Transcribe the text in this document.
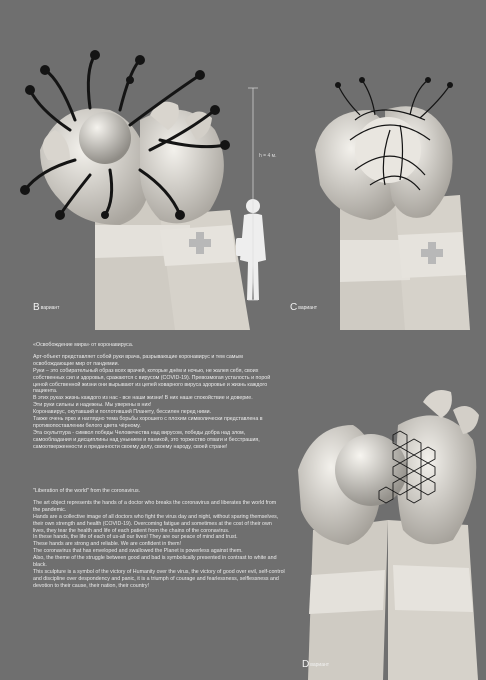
h = 4 м.
Bвариант	Cвариант
Dвариант

«Освобождение мира» от коронавируса.

Арт-объект представляет собой руки врача, разрывающие коронавирус и тем самым освобождающие мир от пандемии.

Руки – это собирательный образ всех врачей, которые днём и ночью, не жалея себя, своих собственных сил и здоровья, сражаются с вирусом (COVID-19). Превозмогая усталость и порой ценой собственной жизни они вырывают из цепей коварного вируса здоровье и жизнь каждого пациента.

В этих руках жизнь каждого из нас - все наши жизни! В них наше спокойствие и доверие.

Эти руки сильны и надежны. Мы уверены в них!

Коронавирус, окутавший и поглотивший Планету, бессилен перед ними.

Также очень ярко и наглядно тема борьбы хорошего с плохим символически представлена в противопоставлении белого цвета чёрному.

Эта скульптура - символ победы Человечества над вирусом, победы добра над злом, самообладания и дисциплины над унынием и паникой, это торжество отваги и бесстрашия, самоотверженности и преданности своему делу, своему народу, своей стране!

"Liberation of the world" from the coronavirus.

The art object represents the hands of a doctor who breaks the coronavirus and liberates the world from the pandemic.

Hands are a collective image of all doctors who fight the virus day and night, without sparing themselves, their own strength and health (COVID-19). Overcoming fatigue and sometimes at the cost of their own lives, they tear the health and life of each patient from the chains of the coronavirus.

In these hands, the life of each of us-all our lives! They are our peace of mind and trust.

These hands are strong and reliable. We are confident in them!

The coronavirus that has enveloped and swallowed the Planet is powerless against them.

Also, the theme of the struggle between good and bad is symbolically presented in contrast to white and black.

This sculpture is a symbol of the victory of Humanity over the virus, the victory of good over evil, self-control and discipline over despondency and panic, it is a triumph of courage and fearlessness, selflessness and devotion to their cause, their nation, their country!
